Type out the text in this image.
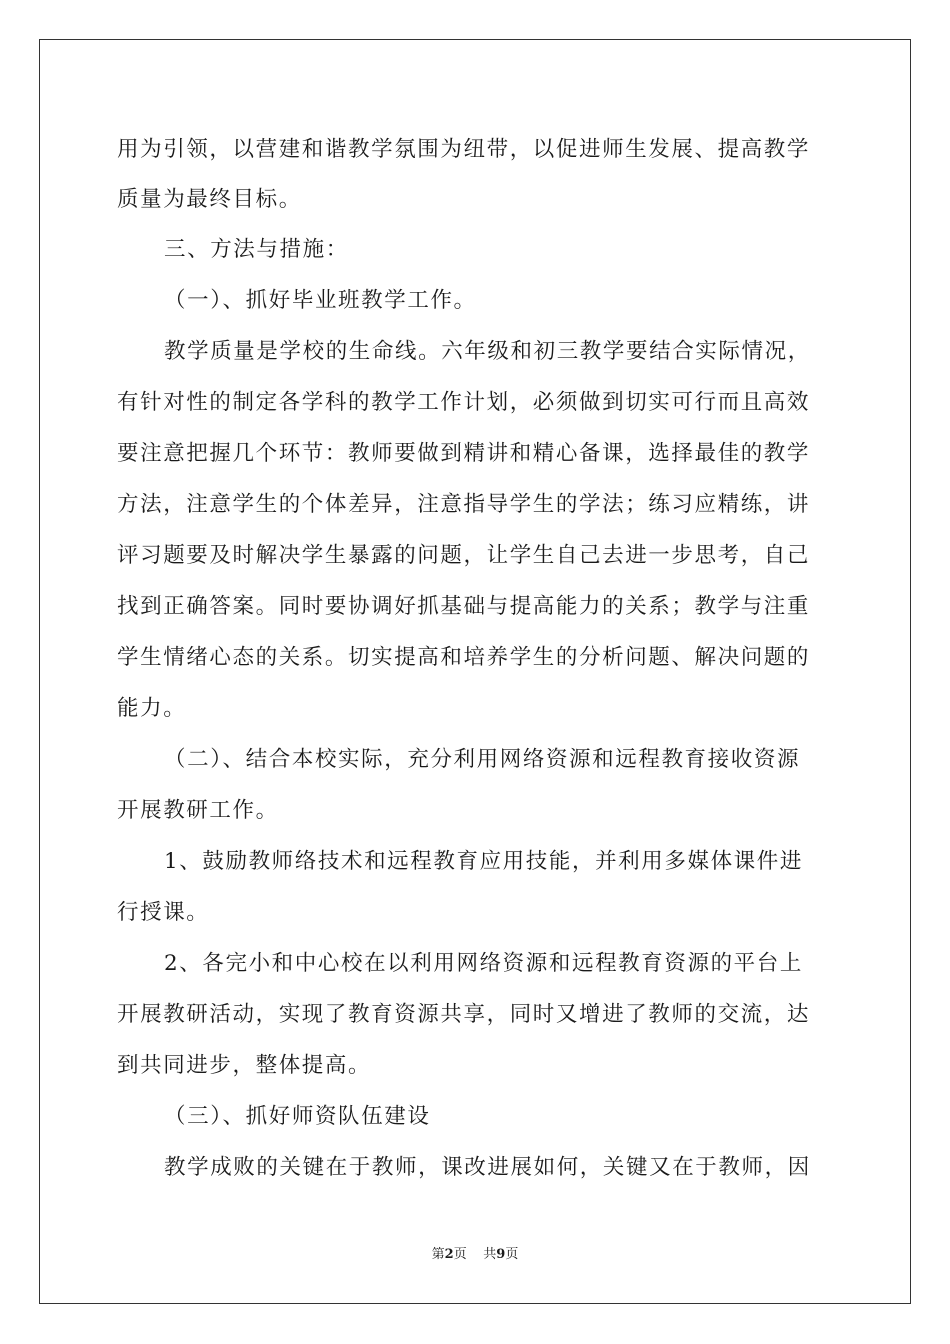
用为引领，以营建和谐教学氛围为纽带，以促进师生发展、提高教学
质量为最终目标。
三、方法与措施：
（一）、抓好毕业班教学工作。
教学质量是学校的生命线。六年级和初三教学要结合实际情况，
有针对性的制定各学科的教学工作计划，必须做到切实可行而且高效
要注意把握几个环节：教师要做到精讲和精心备课，选择最佳的教学
方法，注意学生的个体差异，注意指导学生的学法；练习应精练，讲
评习题要及时解决学生暴露的问题，让学生自己去进一步思考，自己
找到正确答案。同时要协调好抓基础与提高能力的关系；教学与注重
学生情绪心态的关系。切实提高和培养学生的分析问题、解决问题的
能力。
（二）、结合本校实际，充分利用网络资源和远程教育接收资源
开展教研工作。
1、鼓励教师络技术和远程教育应用技能，并利用多媒体课件进
行授课。
2、各完小和中心校在以利用网络资源和远程教育资源的平台上
开展教研活动，实现了教育资源共享，同时又增进了教师的交流，达
到共同进步，整体提高。
（三）、抓好师资队伍建设
教学成败的关键在于教师，课改进展如何，关键又在于教师，因
第2页 共9页
